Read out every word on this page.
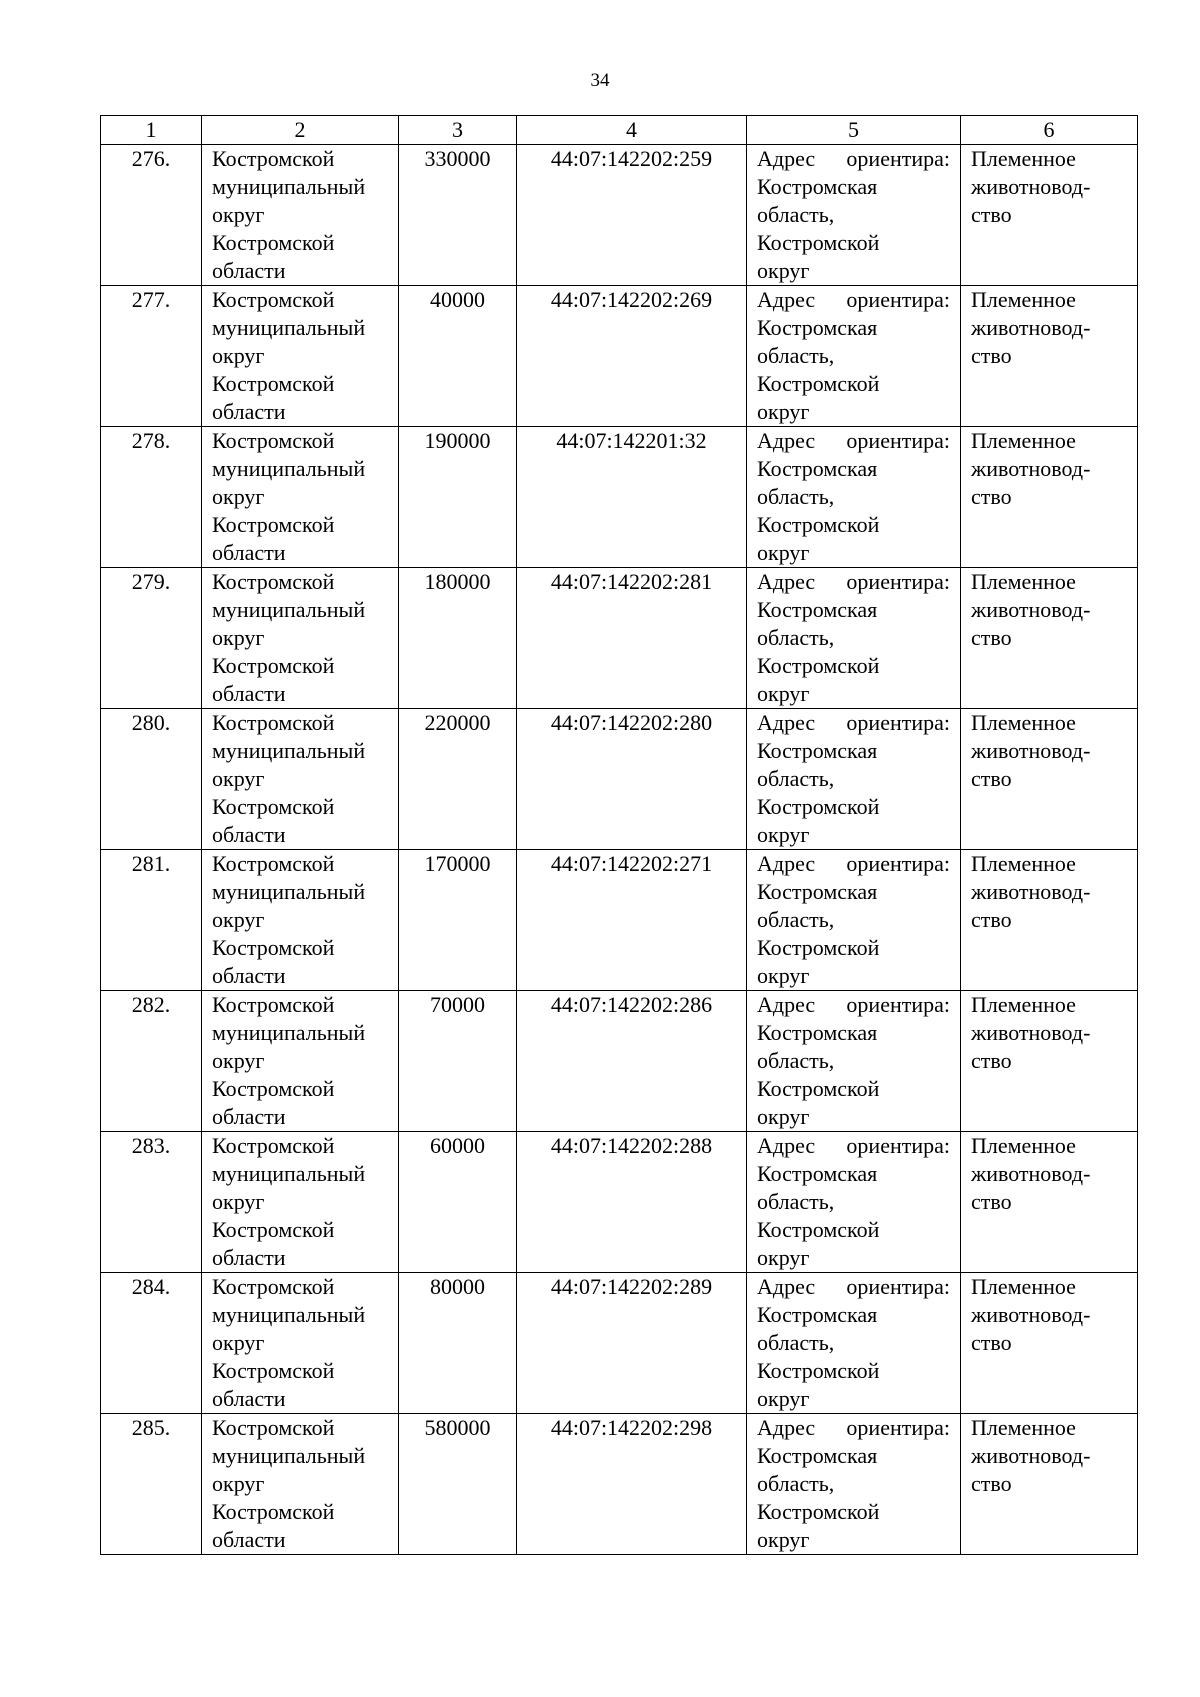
34
1	2	3	4	5	6
276.	Костромской
муниципальный
округ
Костромской
области	330000	44:07:142202:259	Адрес ориентира:
Костромская
область,
Костромской
округ	Племенное
животновод-
ство

277.	Костромской
муниципальный
округ
Костромской
области	40000	44:07:142202:269	Адрес ориентира:
Костромская
область,
Костромской
округ	Племенное
животновод-
ство

278.	Костромской
муниципальный
округ
Костромской
области	190000	44:07:142201:32	Адрес ориентира:
Костромская
область,
Костромской
округ	Племенное
животновод-
ство

279.	Костромской
муниципальный
округ
Костромской
области	180000	44:07:142202:281	Адрес ориентира:
Костромская
область,
Костромской
округ	Племенное
животновод-
ство

280.	Костромской
муниципальный
округ
Костромской
области	220000	44:07:142202:280	Адрес ориентира:
Костромская
область,
Костромской
округ	Племенное
животновод-
ство

281.	Костромской
муниципальный
округ
Костромской
области	170000	44:07:142202:271	Адрес ориентира:
Костромская
область,
Костромской
округ	Племенное
животновод-
ство

282.	Костромской
муниципальный
округ
Костромской
области	70000	44:07:142202:286	Адрес ориентира:
Костромская
область,
Костромской
округ	Племенное
животновод-
ство

283.	Костромской
муниципальный
округ
Костромской
области	60000	44:07:142202:288	Адрес ориентира:
Костромская
область,
Костромской
округ	Племенное
животновод-
ство

284.	Костромской
муниципальный
округ
Костромской
области	80000	44:07:142202:289	Адрес ориентира:
Костромская
область,
Костромской
округ	Племенное
животновод-
ство

285.	Костромской
муниципальный
округ
Костромской
области	580000	44:07:142202:298	Адрес ориентира:
Костромская
область,
Костромской
округ	Племенное
животновод-
ство
